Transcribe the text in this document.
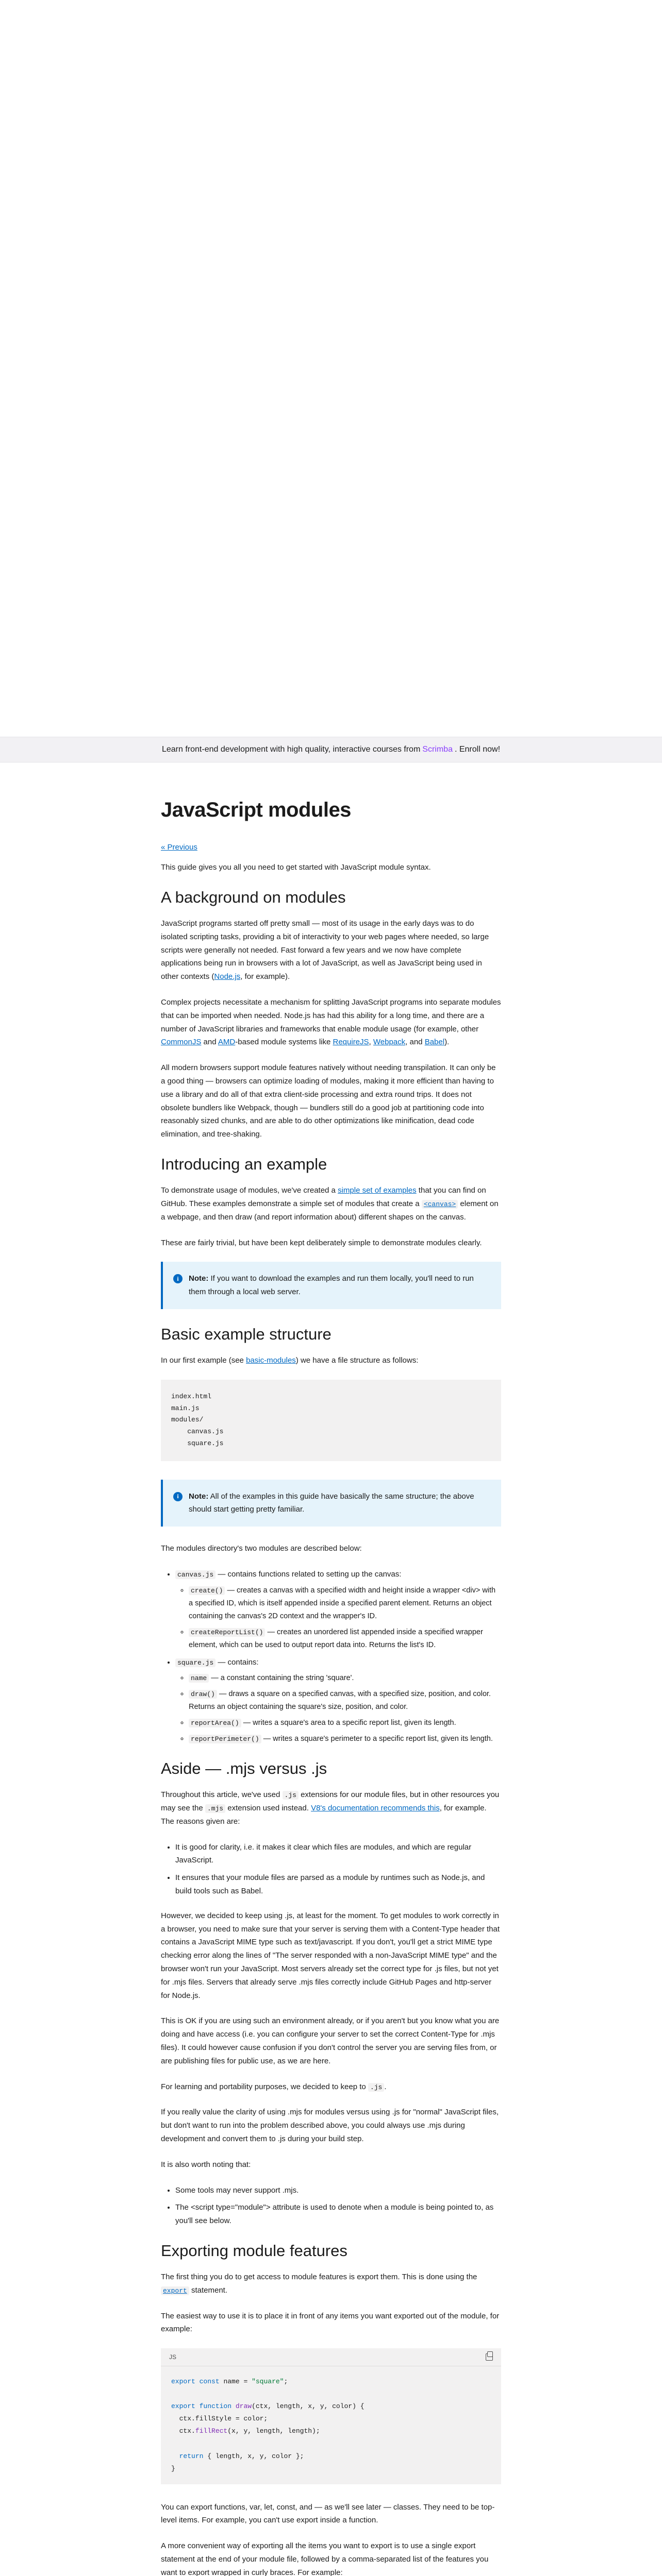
Learn front-end development with high quality, interactive courses from Scrimba . Enroll now!
JavaScript modules
« Previous

This guide gives you all you need to get started with JavaScript module syntax.

A background on modules

JavaScript programs started off pretty small — most of its usage in the early days was to do isolated scripting tasks, providing a bit of interactivity to your web pages where needed, so large scripts were generally not needed. Fast forward a few years and we now have complete applications being run in browsers with a lot of JavaScript, as well as JavaScript being used in other contexts (Node.js, for example).

Complex projects necessitate a mechanism for splitting JavaScript programs into separate modules that can be imported when needed. Node.js has had this ability for a long time, and there are a number of JavaScript libraries and frameworks that enable module usage (for example, other CommonJS and AMD-based module systems like RequireJS, Webpack, and Babel).

All modern browsers support module features natively without needing transpilation. It can only be a good thing — browsers can optimize loading of modules, making it more efficient than having to use a library and do all of that extra client-side processing and extra round trips. It does not obsolete bundlers like Webpack, though — bundlers still do a good job at partitioning code into reasonably sized chunks, and are able to do other optimizations like minification, dead code elimination, and tree-shaking.

Introducing an example

To demonstrate usage of modules, we've created a simple set of examples that you can find on GitHub. These examples demonstrate a simple set of modules that create a <canvas> element on a webpage, and then draw (and report information about) different shapes on the canvas.

These are fairly trivial, but have been kept deliberately simple to demonstrate modules clearly.

i	Note: If you want to download the examples and run them locally, you'll need to run them through a local web server.

Basic example structure

In our first example (see basic-modules) we have a file structure as follows:

index.html
main.js
modules/
canvas.js
square.js
i	Note: All of the examples in this guide have basically the same structure; the above should start getting pretty familiar.

The modules directory's two modules are described below:

• canvas.js — contains functions related to setting up the canvas:
◦ create() — creates a canvas with a specified width and height inside a wrapper <div> with a specified ID, which is itself appended inside a specified parent element. Returns an object containing the canvas's 2D context and the wrapper's ID.
◦ createReportList() — creates an unordered list appended inside a specified wrapper element, which can be used to output report data into. Returns the list's ID.
• square.js — contains:
◦ name — a constant containing the string 'square'.
◦ draw() — draws a square on a specified canvas, with a specified size, position, and color. Returns an object containing the square's size, position, and color.
◦ reportArea() — writes a square's area to a specific report list, given its length.
◦ reportPerimeter() — writes a square's perimeter to a specific report list, given its length.
Aside — .mjs versus .js

Throughout this article, we've used .js extensions for our module files, but in other resources you may see the .mjs extension used instead. V8's documentation recommends this, for example. The reasons given are:

• It is good for clarity, i.e. it makes it clear which files are modules, and which are regular JavaScript.
• It ensures that your module files are parsed as a module by runtimes such as Node.js, and build tools such as Babel.

However, we decided to keep using .js, at least for the moment. To get modules to work correctly in a browser, you need to make sure that your server is serving them with a Content-Type header that contains a JavaScript MIME type such as text/javascript. If you don't, you'll get a strict MIME type checking error along the lines of "The server responded with a non-JavaScript MIME type" and the browser won't run your JavaScript. Most servers already set the correct type for .js files, but not yet for .mjs files. Servers that already serve .mjs files correctly include GitHub Pages and http-server for Node.js.

This is OK if you are using such an environment already, or if you aren't but you know what you are doing and have access (i.e. you can configure your server to set the correct Content-Type for .mjs files). It could however cause confusion if you don't control the server you are serving files from, or are publishing files for public use, as we are here.

For learning and portability purposes, we decided to keep to .js .

If you really value the clarity of using .mjs for modules versus using .js for "normal" JavaScript files, but don't want to run into the problem described above, you could always use .mjs during development and convert them to .js during your build step.

It is also worth noting that:

• Some tools may never support .mjs.
• The <script type="module"> attribute is used to denote when a module is being pointed to, as you'll see below.
Exporting module features

The first thing you do to get access to module features is export them. This is done using the export statement.

The easiest way to use it is to place it in front of any items you want exported out of the module, for example:

JS
export const name = "square";

export function draw(ctx, length, x, y, color) {
ctx.fillStyle = color;
ctx.fillRect(x, y, length, length);

return { length, x, y, color };
}

You can export functions, var, let, const, and — as we'll see later — classes. They need to be top-level items. For example, you can't use export inside a function.

A more convenient way of exporting all the items you want to export is to use a single export statement at the end of your module file, followed by a comma-separated list of the features you want to export wrapped in curly braces. For example:
